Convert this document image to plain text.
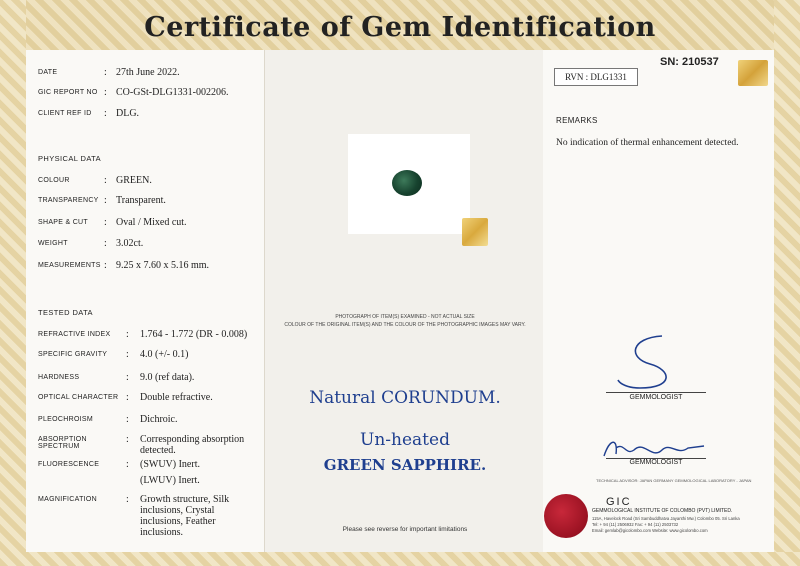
Certificate of Gem Identification
DATE	: 27th June 2022.
GIC REPORT NO : CO-GSt-DLG1331-002206.
CLIENT REF ID	: DLG.
PHYSICAL DATA
COLOUR	: GREEN.
TRANSPARENCY : Transparent.
SHAPE & CUT	: Oval / Mixed cut.
WEIGHT	: 3.02ct.
MEASUREMENTS : 9.25 x 7.60 x 5.16 mm.
TESTED DATA
REFRACTIVE INDEX	:	1.764 - 1.772 (DR - 0.008)
SPECIFIC GRAVITY	:	4.0 (+/- 0.1)
HARDNESS	:	9.0 (ref data).
OPTICAL CHARACTER :	Double refractive.
PLEOCHROISM	:	Dichroic.
ABSORPTION SPECTRUM
:	Corresponding absorption detected.
FLUORESCENCE	:	(SWUV) Inert.
(LWUV) Inert.
MAGNIFICATION	:	Growth structure, Silk inclusions, Crystal inclusions, Feather inclusions.
PHOTOGRAPH OF ITEM(S) EXAMINED - NOT ACTUAL SIZE
COLOUR OF THE ORIGINAL ITEM(S) AND THE COLOUR OF THE PHOTOGRAPHIC IMAGES MAY VARY.
Natural CORUNDUM.
Un-heated
GREEN SAPPHIRE.
Please see reverse for important limitations
RVN : DLG1331
SN: 210537
REMARKS
No indication of thermal enhancement detected.
GEMMOLOGIST
GEMMOLOGIST
TECHNICAL ADVISOR: JAPAN GERMANY GEMMOLOGICAL LABORATORY - JAPAN
GIC
GEMMOLOGICAL INSTITUTE OF COLOMBO (PVT) LIMITED.
115A, Havelock Road (Sri Sambuddhatva Jayanthi Mw.) Colombo 05. Sri Lanka
Tel: + 94 (11) 2506932 Fax: + 94 (11) 2503732
Email: gemlab@gicolombo.com Website: www.gicolombo.com
